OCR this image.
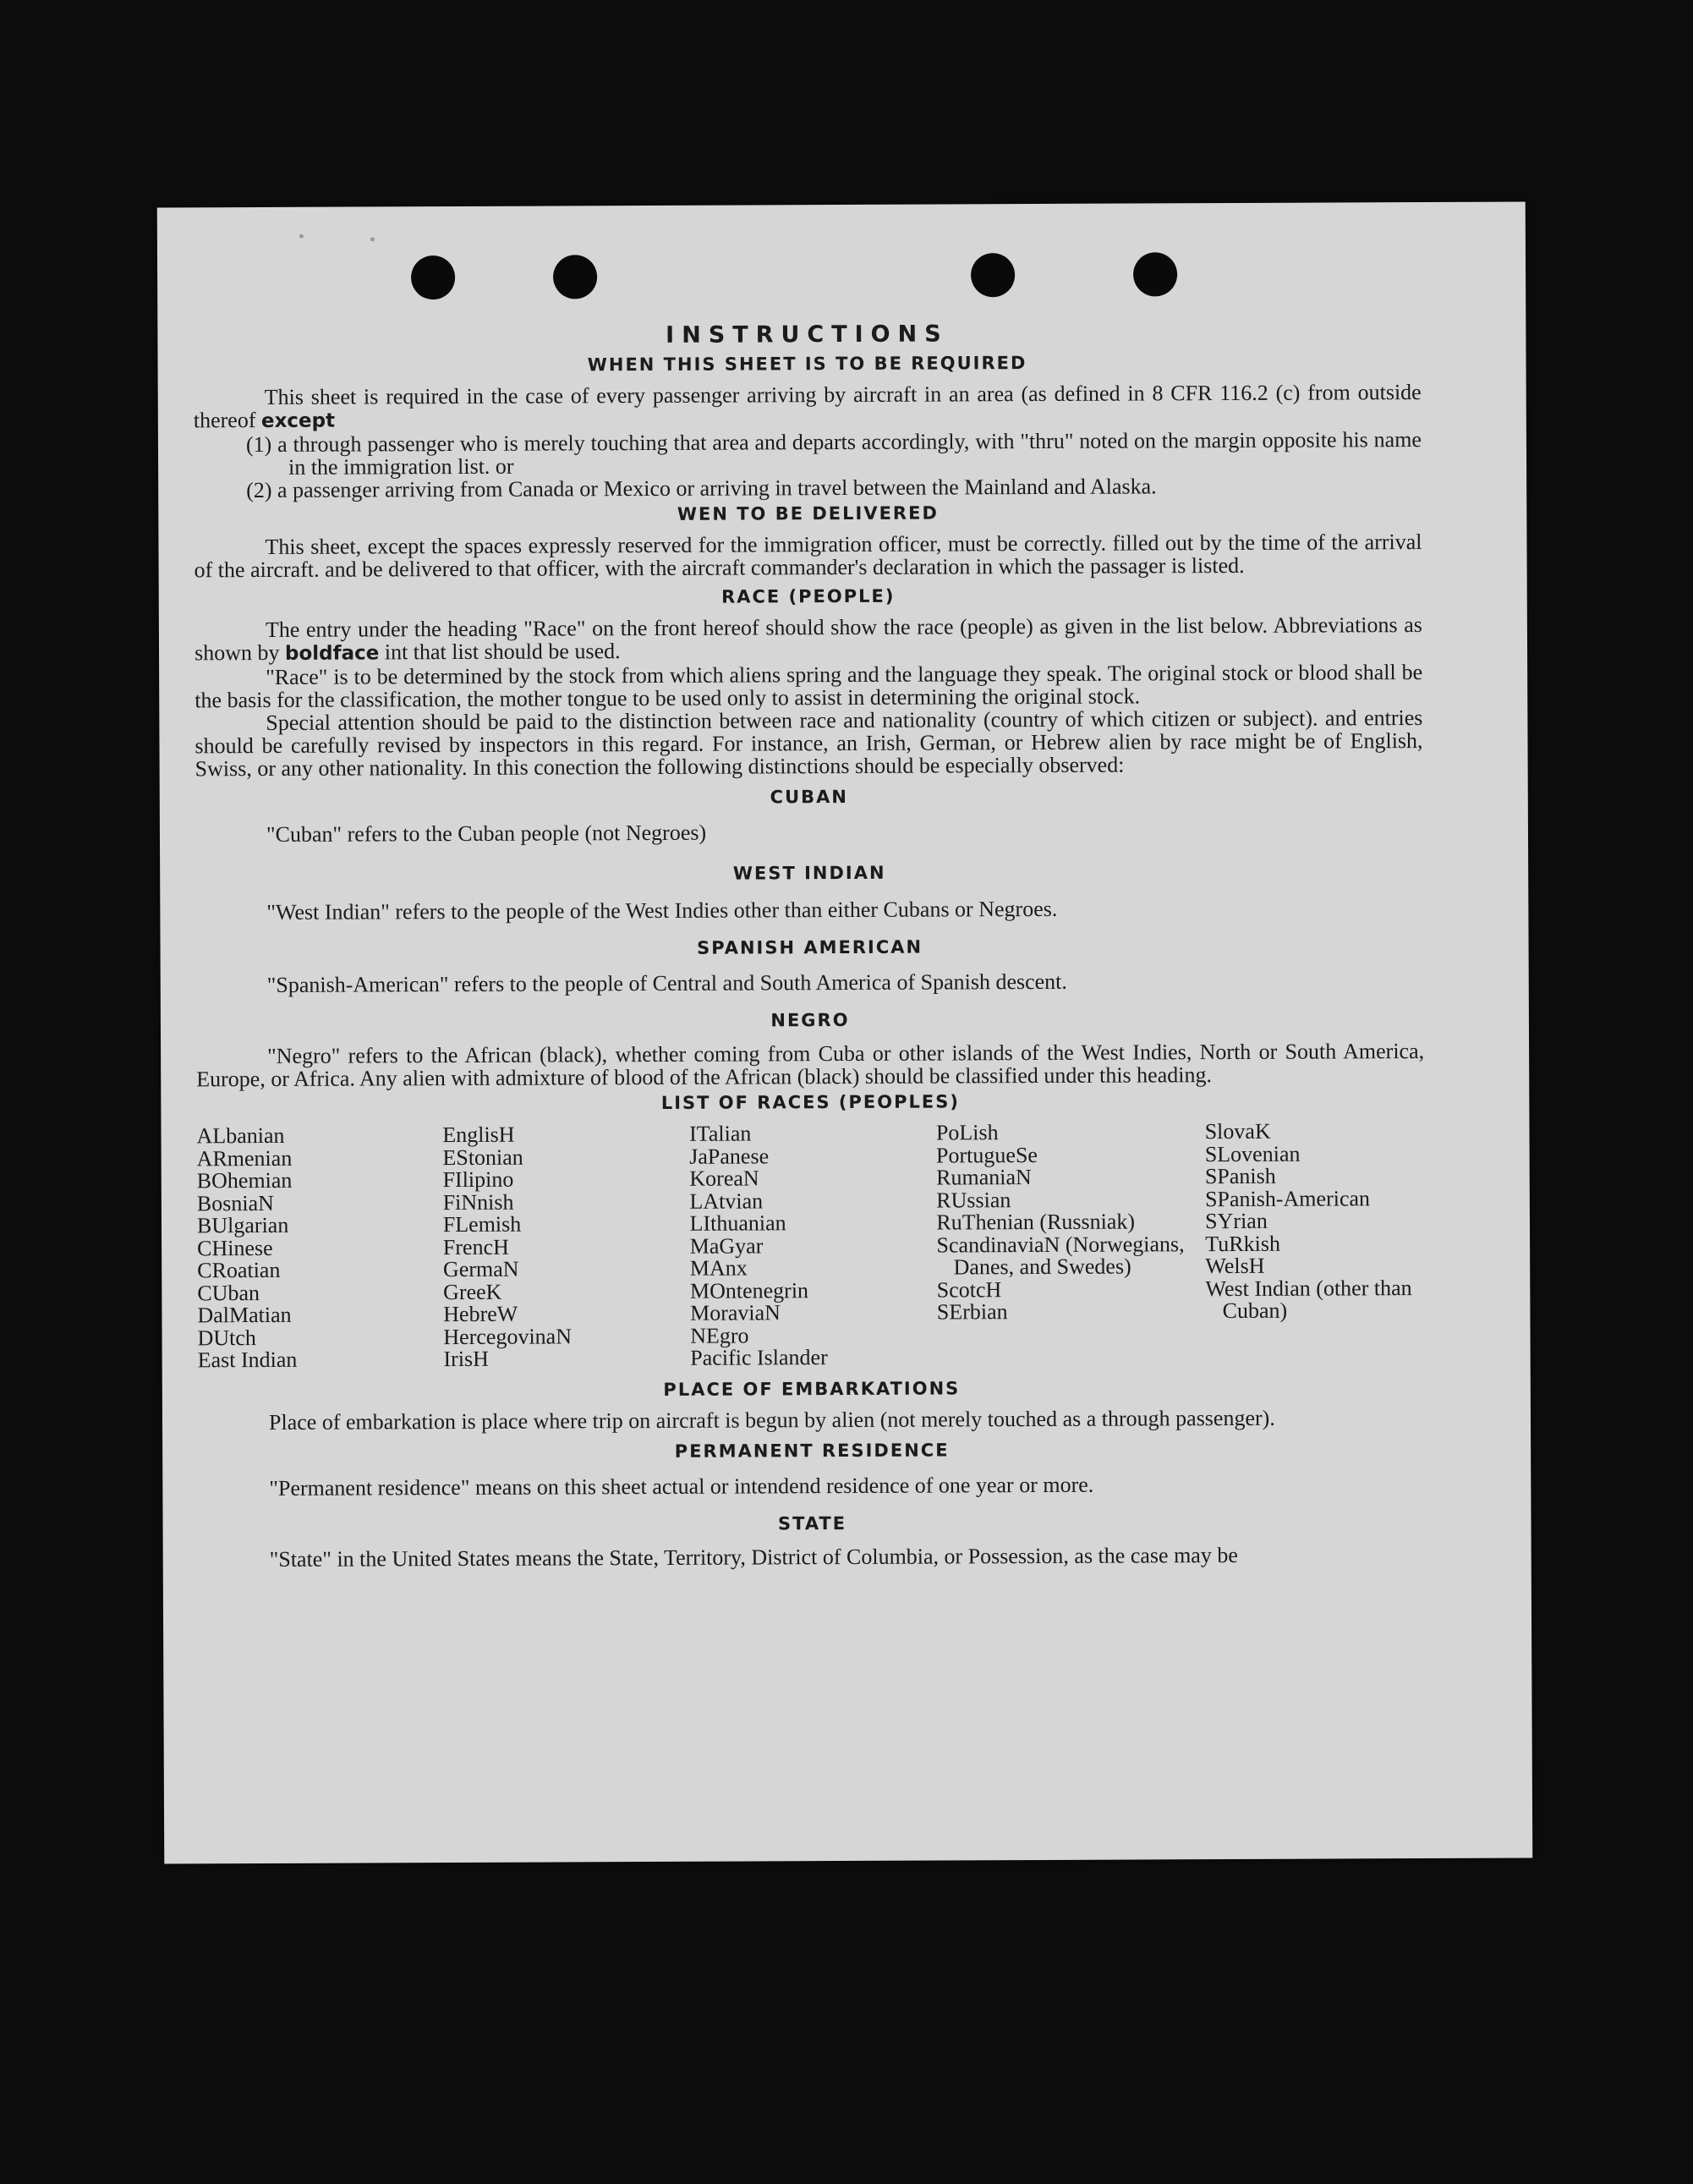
INSTRUCTIONS
WHEN THIS SHEET IS TO BE REQUIRED

This sheet is required in the case of every passenger arriving by aircraft in an area (as defined in 8 CFR 116.2 (c) from outside thereof except

(1) a through passenger who is merely touching that area and departs accordingly, with "thru" noted on the margin opposite his name in the immigration list. or
(2) a passenger arriving from Canada or Mexico or arriving in travel between the Mainland and Alaska.
WEN TO BE DELIVERED

This sheet, except the spaces expressly reserved for the immigration officer, must be correctly. filled out by the time of the arrival of the aircraft. and be delivered to that officer, with the aircraft commander's declaration in which the passager is listed.

RACE (PEOPLE)

The entry under the heading "Race" on the front hereof should show the race (people) as given in the list below. Abbreviations as shown by boldface int that list should be used.

"Race" is to be determined by the stock from which aliens spring and the language they speak. The original stock or blood shall be the basis for the classification, the mother tongue to be used only to assist in determining the original stock.

Special attention should be paid to the distinction between race and nationality (country of which citizen or subject). and entries should be carefully revised by inspectors in this regard. For instance, an Irish, German, or Hebrew alien by race might be of English, Swiss, or any other nationality. In this conection the following distinctions should be especially observed:

CUBAN

"Cuban" refers to the Cuban people (not Negroes)

WEST INDIAN

"West Indian" refers to the people of the West Indies other than either Cubans or Negroes.

SPANISH AMERICAN

"Spanish-American" refers to the people of Central and South America of Spanish descent.

NEGRO

"Negro" refers to the African (black), whether coming from Cuba or other islands of the West Indies, North or South America, Europe, or Africa. Any alien with admixture of blood of the African (black) should be classified under this heading.

LIST OF RACES (PEOPLES)
ALbanian
ARmenian
BOhemian
BosniaN
BUlgarian
CHinese
CRoatian
CUban
DalMatian
DUtch
East Indian
EnglisH
EStonian
FIlipino
FiNnish
FLemish
FrencH
GermaN
GreeK
HebreW
HercegovinaN
IrisH
ITalian
JaPanese
KoreaN
LAtvian
LIthuanian
MaGyar
MAnx
MOntenegrin
MoraviaN
NEgro
Pacific Islander
PoLish
PortugueSe
RumaniaN
RUssian
RuThenian (Russniak)
ScandinaviaN (Norwegians, Danes, and Swedes)
ScotcH
SErbian
SlovaK
SLovenian
SPanish
SPanish-American
SYrian
TuRkish
WelsH
West Indian (other than Cuban)
PLACE OF EMBARKATIONS

Place of embarkation is place where trip on aircraft is begun by alien (not merely touched as a through passenger).

PERMANENT RESIDENCE

"Permanent residence" means on this sheet actual or intendend residence of one year or more.

STATE

"State" in the United States means the State, Territory, District of Columbia, or Possession, as the case may be
